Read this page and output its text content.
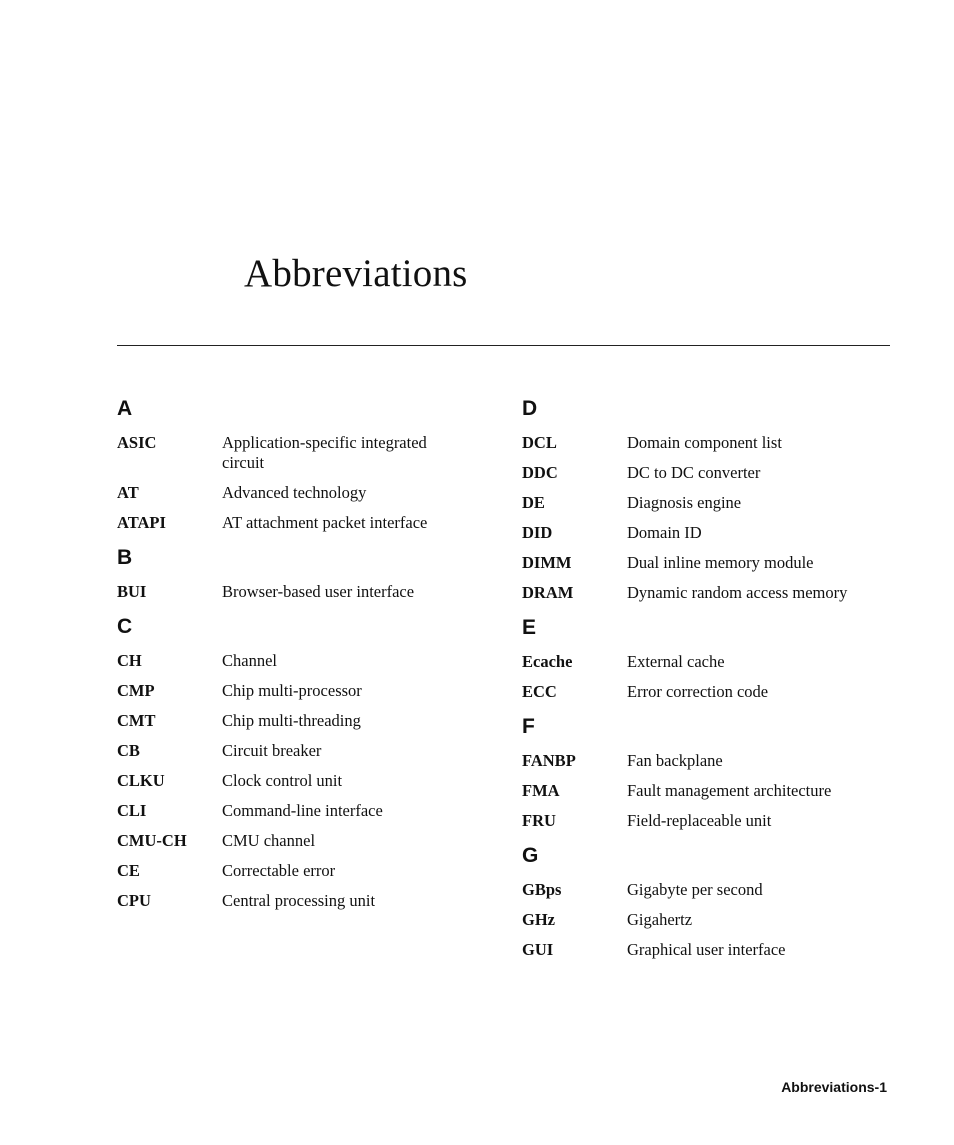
Abbreviations
A
ASIC	Application-specific integrated circuit
AT	Advanced technology
ATAPI	AT attachment packet interface
B
BUI	Browser-based user interface
C
CH	Channel
CMP	Chip multi-processor
CMT	Chip multi-threading
CB	Circuit breaker
CLKU	Clock control unit
CLI	Command-line interface
CMU-CH	CMU channel
CE	Correctable error
CPU	Central processing unit
D
DCL	Domain component list
DDC	DC to DC converter
DE	Diagnosis engine
DID	Domain ID
DIMM	Dual inline memory module
DRAM	Dynamic random access memory
E
Ecache	External cache
ECC	Error correction code
F
FANBP	Fan backplane
FMA	Fault management architecture
FRU	Field-replaceable unit
G
GBps	Gigabyte per second
GHz	Gigahertz
GUI	Graphical user interface
Abbreviations-1
